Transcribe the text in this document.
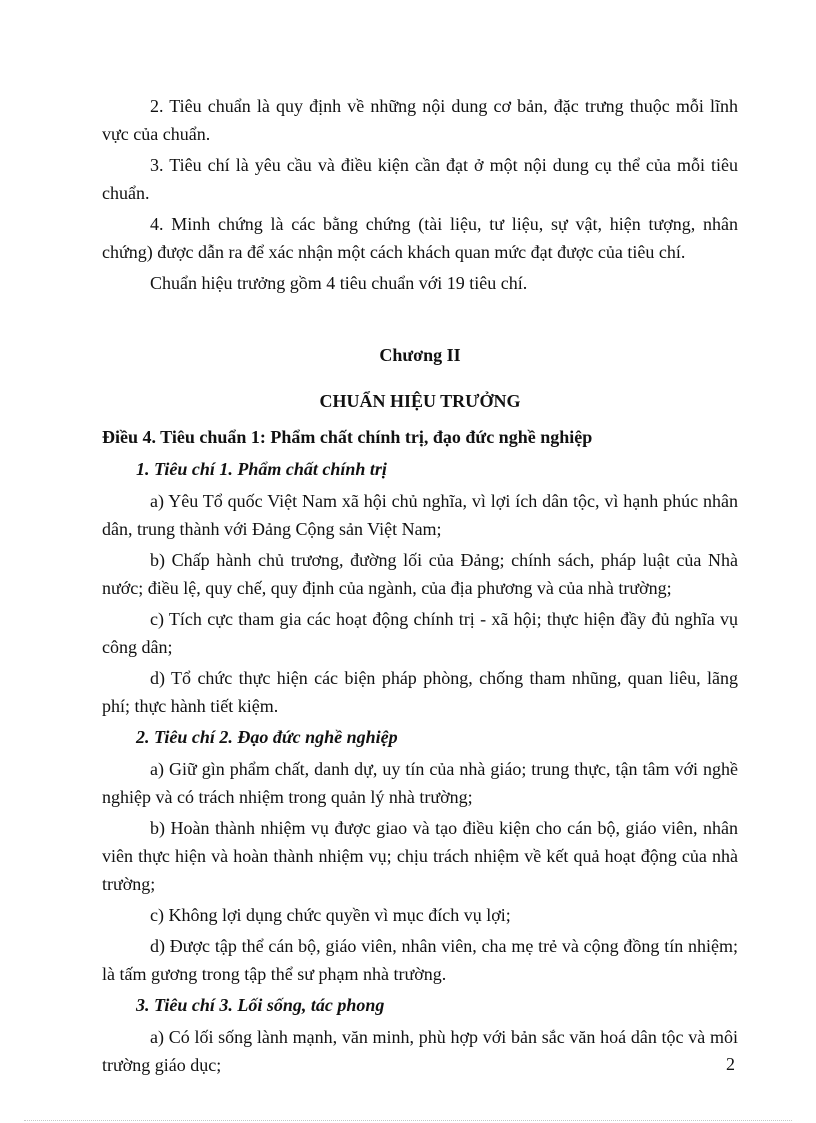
2. Tiêu chuẩn là quy định về những nội dung cơ bản, đặc trưng thuộc mỗi lĩnh vực của chuẩn.

3. Tiêu chí là yêu cầu và điều kiện cần đạt ở một nội dung cụ thể của mỗi tiêu chuẩn.

4. Minh chứng là các bằng chứng (tài liệu, tư liệu, sự vật, hiện tượng, nhân chứng) được dẫn ra để xác nhận một cách khách quan mức đạt được của tiêu chí.

Chuẩn hiệu trưởng gồm 4 tiêu chuẩn với 19 tiêu chí.

Chương II

CHUẨN HIỆU TRƯỞNG

Điều 4. Tiêu chuẩn 1: Phẩm chất chính trị, đạo đức nghề nghiệp

1. Tiêu chí 1. Phẩm chất chính trị

a) Yêu Tổ quốc Việt Nam xã hội chủ nghĩa, vì lợi ích dân tộc, vì hạnh phúc nhân dân, trung thành với Đảng Cộng sản Việt Nam;

b) Chấp hành chủ trương, đường lối của Đảng; chính sách, pháp luật của Nhà nước; điều lệ, quy chế, quy định của ngành, của địa phương và của nhà trường;

c) Tích cực tham gia các hoạt động chính trị - xã hội; thực hiện đầy đủ nghĩa vụ công dân;

d) Tổ chức thực hiện các biện pháp phòng, chống tham nhũng, quan liêu, lãng phí; thực hành tiết kiệm.

2. Tiêu chí 2. Đạo đức nghề nghiệp

a) Giữ gìn phẩm chất, danh dự, uy tín của nhà giáo; trung thực, tận tâm với nghề nghiệp và có trách nhiệm trong quản lý nhà trường;

b) Hoàn thành nhiệm vụ được giao và tạo điều kiện cho cán bộ, giáo viên, nhân viên thực hiện và hoàn thành nhiệm vụ; chịu trách nhiệm về kết quả hoạt động của nhà trường;

c) Không lợi dụng chức quyền vì mục đích vụ lợi;

d) Được tập thể cán bộ, giáo viên, nhân viên, cha mẹ trẻ và cộng đồng tín nhiệm; là tấm gương trong tập thể sư phạm nhà trường.

3. Tiêu chí 3. Lối sống, tác phong

a) Có lối sống lành mạnh, văn minh, phù hợp với bản sắc văn hoá dân tộc và môi trường giáo dục;	2
